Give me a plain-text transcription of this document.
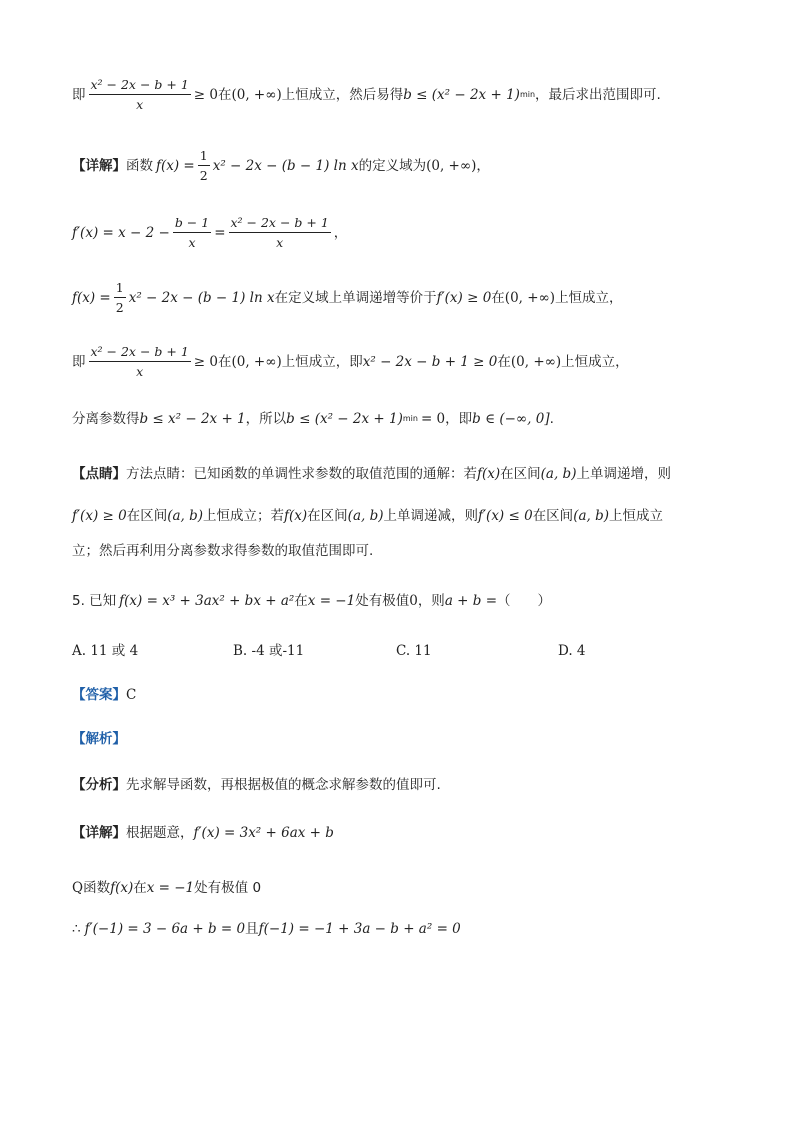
即 $\frac{\text{x² − 2x − b + 1}}{x} \ge 0$ 在 (0, +∞) 上恒成立，然后易得 b ≤ (x² − 2x + 1) min ，最后求出范围即可.
【详解】 函数 $f(x) = \frac{1}{2} x^2 - 2x - (b - 1)$ ln x 的定义域为 (0, +∞) ，
$f'(x) = x - 2 - \frac{b - 1}{x} = \frac{\text{x² − 2x − b + 1}}{x}$ ，
$f(x) = \frac{1}{2} x^2 - 2x - (b - 1)$ ln x 在定义域上单调递增等价于 f′(x) ≥ 0 在 (0, +∞) 上恒成立，
即 $\frac{\text{x² − 2x − b + 1}}{x} \ge 0$ 在 (0, +∞) 上恒成立，即 x² − 2x − b + 1 ≥ 0 在 (0, +∞) 上恒成立，
分离参数得 b ≤ x² − 2x + 1 ，所以 b ≤ (x² − 2x + 1) min = 0 ，即 b ∈ (−∞, 0] .
【点睛】 方法点睛：已知函数的单调性求参数的取值范围的通解：若 f(x) 在区间 (a, b) 上单调递增，则
f′(x) ≥ 0 在区间 (a, b) 上恒成立；若 f(x) 在区间 (a, b) 上单调递减，则 f′(x) ≤ 0 在区间 (a, b) 上恒成立
立；然后再利用分离参数求得参数的取值范围即可.
5. 已知 f(x) = x³ + 3ax² + bx + a² 在 x = −1 处有极值 0 ，则 a + b = （　　）
A. 11 或 4	B. -4 或-11	C. 11	D. 4
【答案】 C
【解析】
【分析】 先求解导函数，再根据极值的概念求解参数的值即可.
【详解】 根据题意， f′(x) = 3x² + 6ax + b
Q 函数 f(x) 在 x = −1 处有极值 0
∴ f′(−1) = 3 − 6a + b = 0 且 f(−1) = −1 + 3a − b + a² = 0
